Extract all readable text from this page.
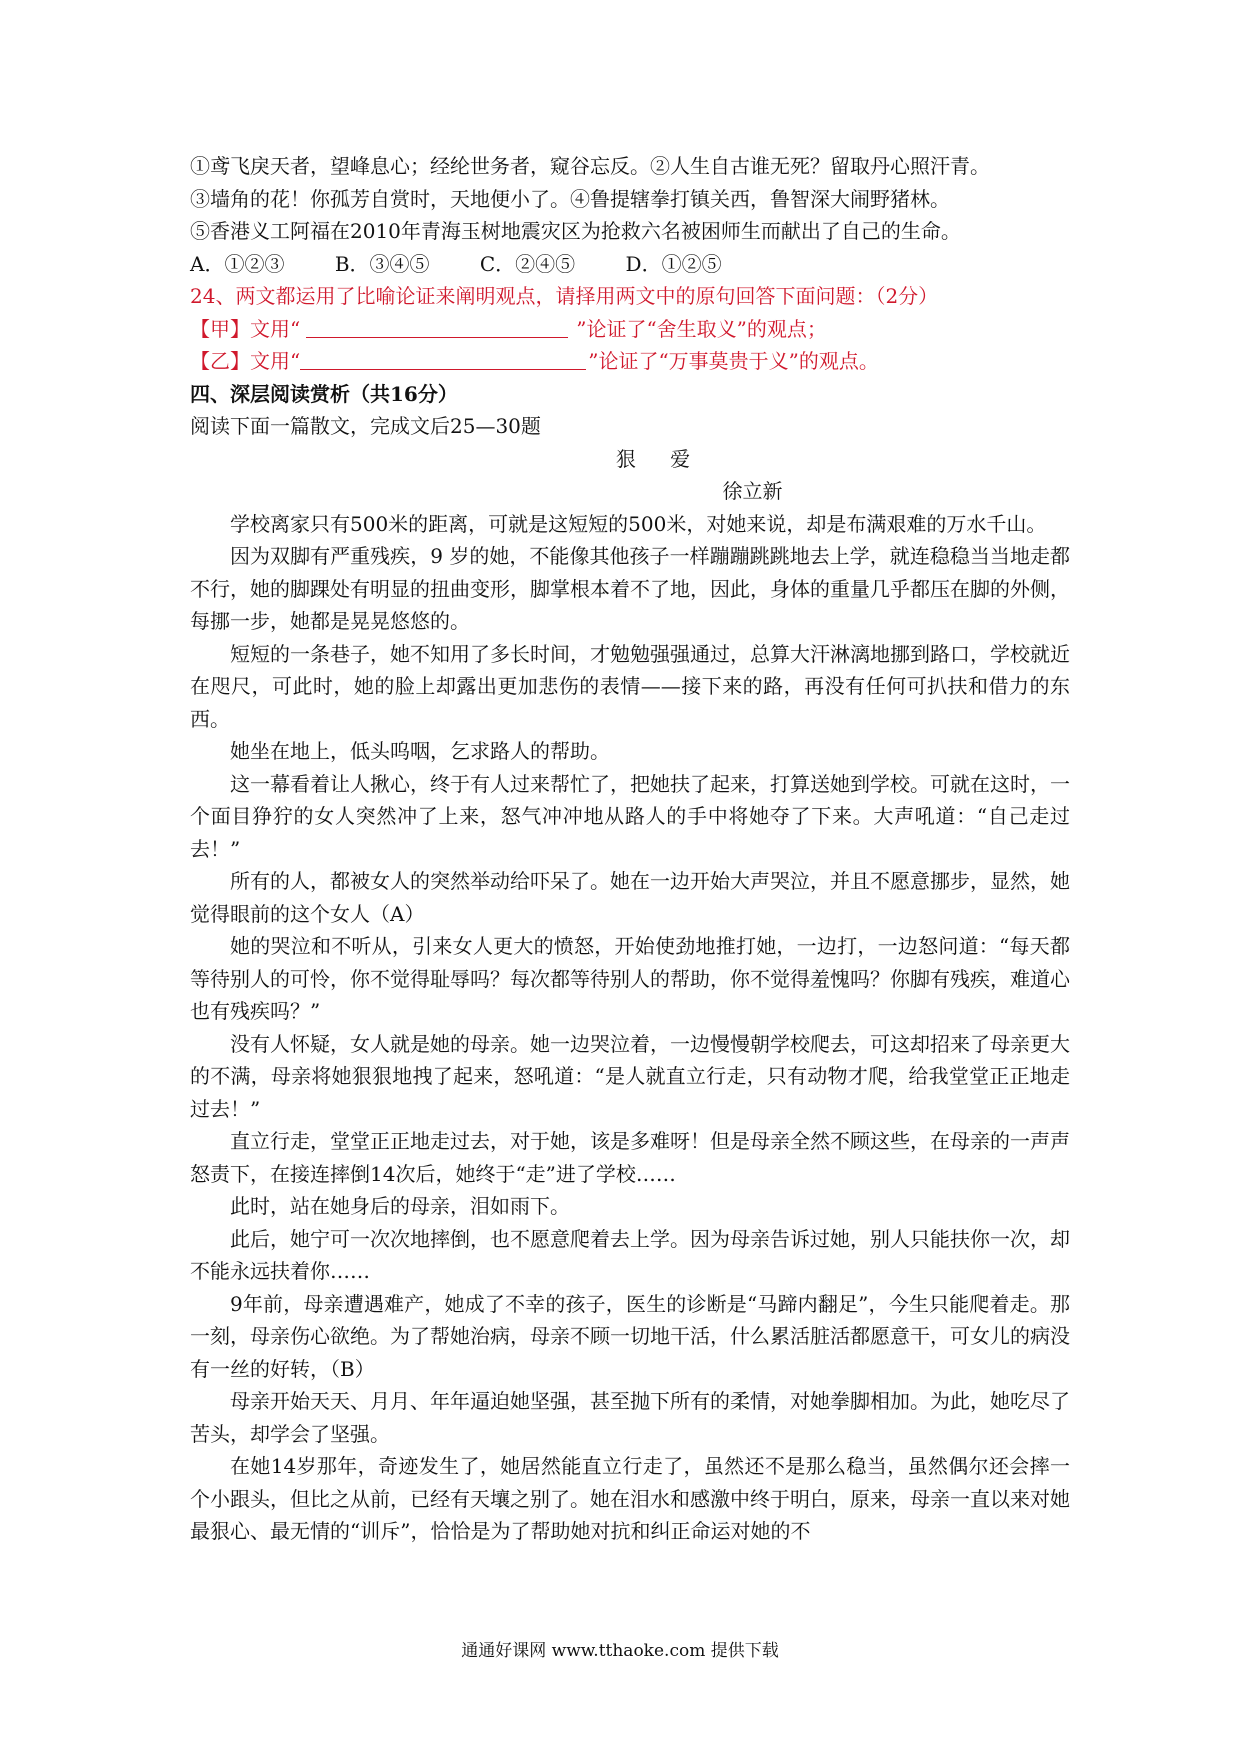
①鸢飞戾天者，望峰息心；经纶世务者，窥谷忘反。②人生自古谁无死？留取丹心照汗青。
③墙角的花！你孤芳自赏时，天地便小了。④鲁提辖拳打镇关西，鲁智深大闹野猪林。
⑤香港义工阿福在2010年青海玉树地震灾区为抢救六名被困师生而献出了自己的生命。
A．①②③	B．③④⑤	C．②④⑤	D．①②⑤
24、两文都运用了比喻论证来阐明观点，请择用两文中的原句回答下面问题：（2分）
【甲】文用“	”论证了“舍生取义”的观点；
【乙】文用“	”论证了“万事莫贵于义”的观点。
四、深层阅读赏析（共16分）
阅读下面一篇散文，完成文后25—30题
狠 爱
徐立新

学校离家只有500米的距离，可就是这短短的500米，对她来说，却是布满艰难的万水千山。

因为双脚有严重残疾，9 岁的她，不能像其他孩子一样蹦蹦跳跳地去上学，就连稳稳当当地走都不行，她的脚踝处有明显的扭曲变形，脚掌根本着不了地，因此，身体的重量几乎都压在脚的外侧，每挪一步，她都是晃晃悠悠的。

短短的一条巷子，她不知用了多长时间，才勉勉强强通过，总算大汗淋漓地挪到路口，学校就近在咫尺，可此时，她的脸上却露出更加悲伤的表情——接下来的路，再没有任何可扒扶和借力的东西。

她坐在地上，低头呜咽，乞求路人的帮助。

这一幕看着让人揪心，终于有人过来帮忙了，把她扶了起来，打算送她到学校。可就在这时，一个面目狰狞的女人突然冲了上来，怒气冲冲地从路人的手中将她夺了下来。大声吼道：“自己走过去！”

所有的人，都被女人的突然举动给吓呆了。她在一边开始大声哭泣，并且不愿意挪步，显然，她觉得眼前的这个女人（A）

她的哭泣和不听从，引来女人更大的愤怒，开始使劲地推打她，一边打，一边怒问道：“每天都等待别人的可怜，你不觉得耻辱吗？每次都等待别人的帮助，你不觉得羞愧吗？你脚有残疾，难道心也有残疾吗？”

没有人怀疑，女人就是她的母亲。她一边哭泣着，一边慢慢朝学校爬去，可这却招来了母亲更大的不满，母亲将她狠狠地拽了起来，怒吼道：“是人就直立行走，只有动物才爬，给我堂堂正正地走过去！”

直立行走，堂堂正正地走过去，对于她，该是多难呀！但是母亲全然不顾这些，在母亲的一声声怒责下，在接连摔倒14次后，她终于“走”进了学校……

此时，站在她身后的母亲，泪如雨下。

此后，她宁可一次次地摔倒，也不愿意爬着去上学。因为母亲告诉过她，别人只能扶你一次，却不能永远扶着你……

9年前，母亲遭遇难产，她成了不幸的孩子，医生的诊断是“马蹄内翻足”，今生只能爬着走。那一刻，母亲伤心欲绝。为了帮她治病，母亲不顾一切地干活，什么累活脏活都愿意干，可女儿的病没有一丝的好转，（B）

母亲开始天天、月月、年年逼迫她坚强，甚至抛下所有的柔情，对她拳脚相加。为此，她吃尽了苦头，却学会了坚强。

在她14岁那年，奇迹发生了，她居然能直立行走了，虽然还不是那么稳当，虽然偶尔还会摔一个小跟头，但比之从前，已经有天壤之别了。她在泪水和感激中终于明白，原来，母亲一直以来对她最狠心、最无情的“训斥”，恰恰是为了帮助她对抗和纠正命运对她的不

通通好课网 www.tthaoke.com 提供下载
